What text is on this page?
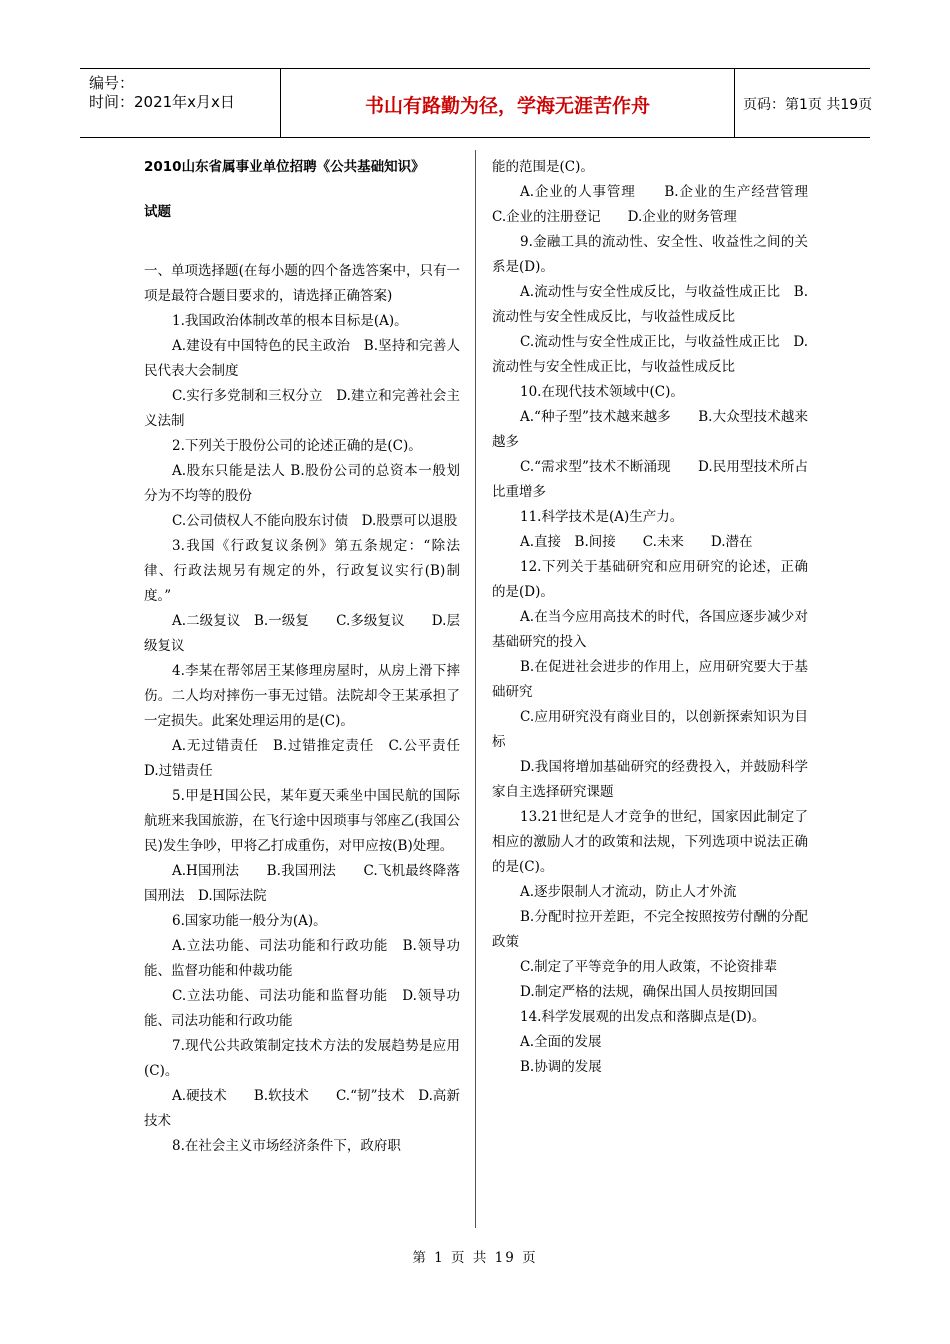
编号：
时间：2021年x月x日	书山有路勤为径，学海无涯苦作舟	页码：第1页 共19页

2010山东省属事业单位招聘《公共基础知识》

试题

一、单项选择题(在每小题的四个备选答案中，只有一项是最符合题目要求的，请选择正确答案)

1.我国政治体制改革的根本目标是(A)。

A.建设有中国特色的民主政治　B.坚持和完善人民代表大会制度

C.实行多党制和三权分立　D.建立和完善社会主义法制

2.下列关于股份公司的论述正确的是(C)。

A.股东只能是法人 B.股份公司的总资本一般划分为不均等的股份

C.公司债权人不能向股东讨债　D.股票可以退股

3.我国《行政复议条例》第五条规定：“除法律、行政法规另有规定的外，行政复议实行(B)制度。”

A.二级复议　B.一级复　　C.多级复议　　D.层级复议

4.李某在帮邻居王某修理房屋时，从房上滑下摔伤。二人均对摔伤一事无过错。法院却令王某承担了一定损失。此案处理运用的是(C)。

A.无过错责任　B.过错推定责任　C.公平责任　D.过错责任

5.甲是H国公民，某年夏天乘坐中国民航的国际航班来我国旅游，在飞行途中因琐事与邻座乙(我国公民)发生争吵，甲将乙打成重伤，对甲应按(B)处理。

A.H国刑法　　B.我国刑法　　C.飞机最终降落国刑法　D.国际法院

6.国家功能一般分为(A)。

A.立法功能、司法功能和行政功能　B.领导功能、监督功能和仲裁功能

C.立法功能、司法功能和监督功能　D.领导功能、司法功能和行政功能

7.现代公共政策制定技术方法的发展趋势是应用(C)。

A.硬技术　　B.软技术　　C.“韧”技术　D.高新技术

8.在社会主义市场经济条件下，政府职

能的范围是(C)。

A.企业的人事管理　　B.企业的生产经营管理　C.企业的注册登记　　D.企业的财务管理

9.金融工具的流动性、安全性、收益性之间的关系是(D)。

A.流动性与安全性成反比，与收益性成正比　B.流动性与安全性成反比，与收益性成反比

C.流动性与安全性成正比，与收益性成正比　D.流动性与安全性成正比，与收益性成反比

10.在现代技术领域中(C)。

A.“种子型”技术越来越多　　B.大众型技术越来越多

C.“需求型”技术不断涌现　　D.民用型技术所占比重增多

11.科学技术是(A)生产力。

A.直接　B.间接　　C.未来　　D.潜在

12.下列关于基础研究和应用研究的论述，正确的是(D)。

A.在当今应用高技术的时代，各国应逐步减少对基础研究的投入

B.在促进社会进步的作用上，应用研究要大于基础研究

C.应用研究没有商业目的，以创新探索知识为目标

D.我国将增加基础研究的经费投入，并鼓励科学家自主选择研究课题

13.21世纪是人才竞争的世纪，国家因此制定了相应的激励人才的政策和法规，下列选项中说法正确的是(C)。

A.逐步限制人才流动，防止人才外流

B.分配时拉开差距，不完全按照按劳付酬的分配政策

C.制定了平等竞争的用人政策，不论资排辈

D.制定严格的法规，确保出国人员按期回国

14.科学发展观的出发点和落脚点是(D)。

A.全面的发展

B.协调的发展

第 1 页 共 19 页
